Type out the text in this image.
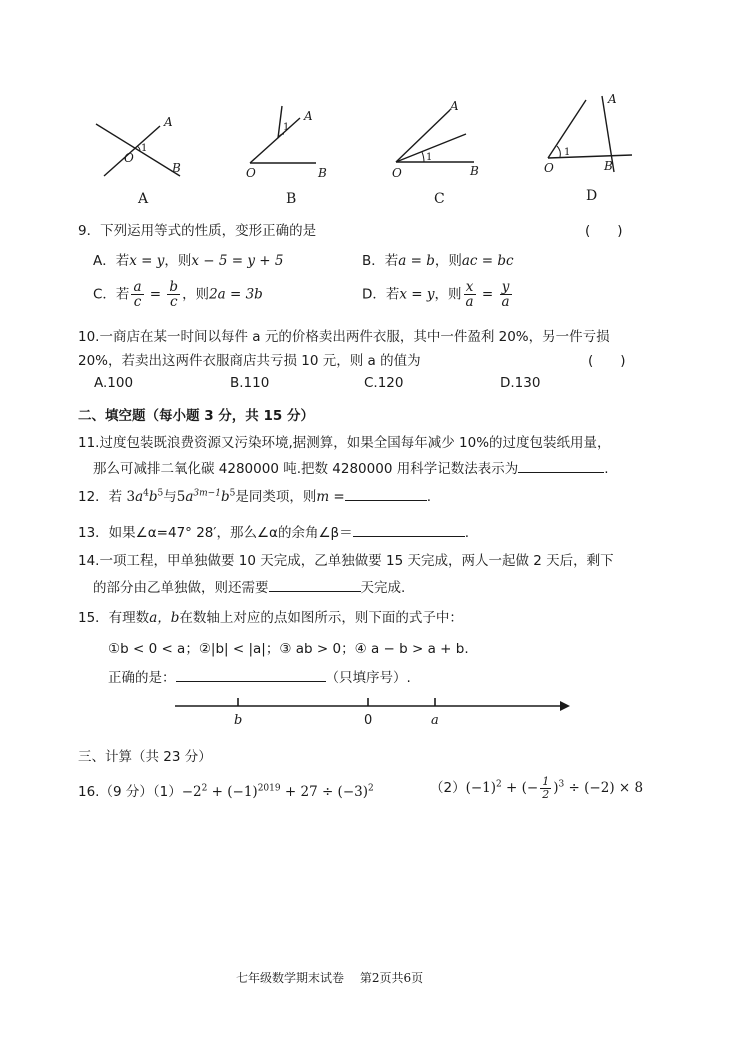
A
B
O
1
A
B
O
1
A
B
O
1
A
B
O
1
A	B	C	D
9．下列运用等式的性质，变形正确的是	(　　)
A．若x = y，则x − 5 = y + 5	B．若a = b，则ac = bc
C．若 $\frac{a}{c} = \frac{b}{c}$ ，则2a = 3b	D．若x = y，则 $\frac{x}{a} = \frac{y}{a}$
10.一商店在某一时间以每件 a 元的价格卖出两件衣服，其中一件盈利 20%，另一件亏损
20%，若卖出这两件衣服商店共亏损 10 元，则 a 的值为	(　　)
A.100	B.110	C.120	D.130
二、填空题（每小题 3 分，共 15 分）
11.过度包装既浪费资源又污染环境,据测算，如果全国每年减少 10%的过度包装纸用量，
那么可减排二氧化碳 4280000 吨.把数 4280000 用科学记数法表示为	.
12．若 $3a^4b^5$与$5a^{3m-1}b^5$是同类项，则m =	.
13．如果∠α=47° 28′，那么∠α的余角∠β＝	.
14.一项工程，甲单独做要 10 天完成，乙单独做要 15 天完成，两人一起做 2 天后，剩下
的部分由乙单独做，则还需要	天完成.
15．有理数a，b在数轴上对应的点如图所示，则下面的式子中：
①b < 0 < a；②|b| < |a|；③ ab > 0；④ a − b > a + b.
正确的是：	（只填序号）.
b	0	a
三、计算（共 23 分）
16.（9 分）$(1)-2^2 + (-1)^{2019} + 27 \div (-3)^2$	$(2)(-1)^2$ + (− $\frac{1}{2} )^3 \div (-2) \times 8$
七年级数学期末试卷　 第2页共6页
